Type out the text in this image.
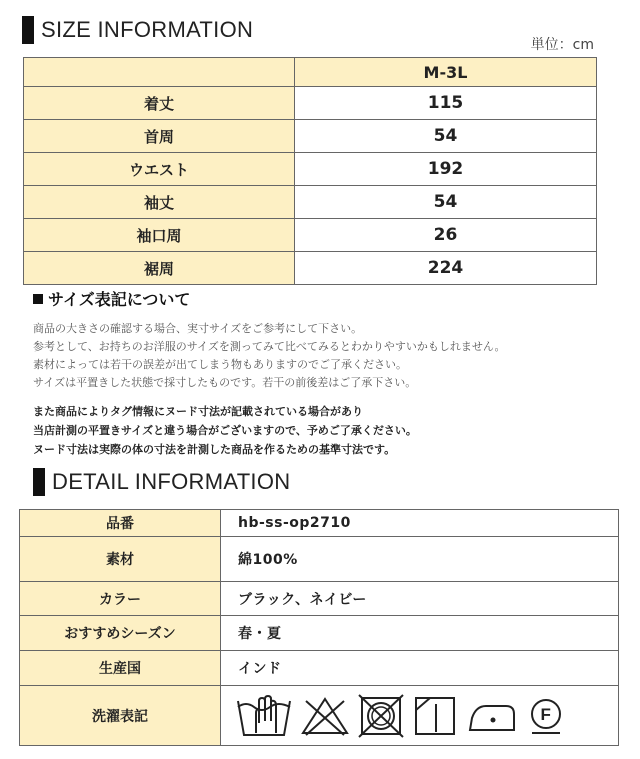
SIZE INFORMATION
単位：cm
	M-3L
着丈	115
首周	54
ウエスト	192
袖丈	54
袖口周	26
裾周	224
サイズ表記について
商品の大きさの確認する場合、実寸サイズをご参考にして下さい。
参考として、お持ちのお洋服のサイズを測ってみて比べてみるとわかりやすいかもしれません。
素材によっては若干の誤差が出てしまう物もありますのでご了承ください。
サイズは平置きした状態で採寸したものです。若干の前後差はご了承下さい。
また商品によりタグ情報にヌード寸法が記載されている場合があり
当店計測の平置きサイズと違う場合がございますので、予めご了承ください。
ヌード寸法は実際の体の寸法を計測した商品を作るための基準寸法です。
DETAIL INFORMATION
品番	hb-ss-op2710
素材	綿100%
カラー	ブラック、ネイビー
おすすめシーズン	春・夏
生産国	インド
洗濯表記	F
